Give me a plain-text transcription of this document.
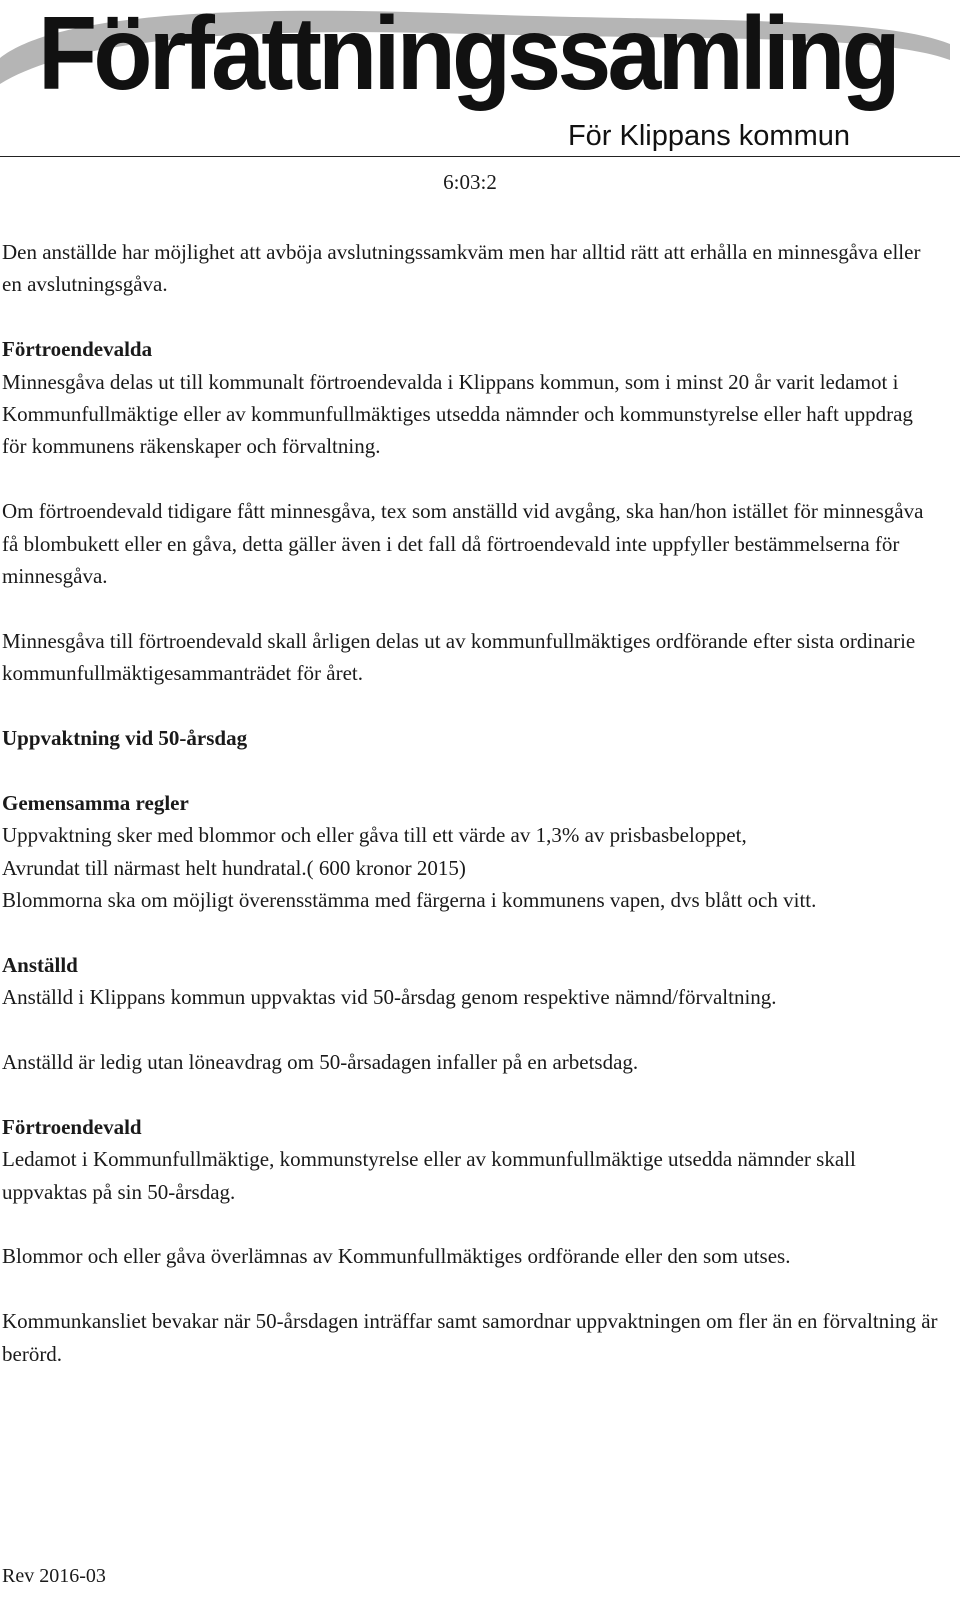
Författningssamling
För Klippans kommun
6:03:2

Den anställde har möjlighet att avböja avslutningssamkväm men har alltid rätt att erhålla en minnesgåva eller en avslutningsgåva.

Förtroendevalda

Minnesgåva delas ut till kommunalt förtroendevalda i Klippans kommun, som i minst 20 år varit ledamot i Kommunfullmäktige eller av kommunfullmäktiges utsedda nämnder och kommunstyrelse eller haft uppdrag för kommunens räkenskaper och förvaltning.

Om förtroendevald tidigare fått minnesgåva, tex som anställd vid avgång, ska han/hon istället för minnesgåva få blombukett eller en gåva, detta gäller även i det fall då förtroendevald inte uppfyller bestämmelserna för minnesgåva.

Minnesgåva till förtroendevald skall årligen delas ut av kommunfullmäktiges ordförande efter sista ordinarie kommunfullmäktigesammanträdet för året.

Uppvaktning vid 50-årsdag
Gemensamma regler

Uppvaktning sker med blommor och eller gåva till ett värde av 1,3% av prisbasbeloppet,

Avrundat till närmast helt hundratal.( 600 kronor 2015)

Blommorna ska om möjligt överensstämma med färgerna i kommunens vapen, dvs blått och vitt.

Anställd

Anställd i Klippans kommun uppvaktas vid 50-årsdag genom respektive nämnd/förvaltning.

Anställd är ledig utan löneavdrag om 50-årsadagen infaller på en arbetsdag.

Förtroendevald

Ledamot i Kommunfullmäktige, kommunstyrelse eller av kommunfullmäktige utsedda nämnder skall uppvaktas på sin 50-årsdag.

Blommor och eller gåva överlämnas av Kommunfullmäktiges ordförande eller den som utses.

Kommunkansliet bevakar när 50-årsdagen inträffar samt samordnar uppvaktningen om fler än en förvaltning är berörd.

Rev 2016-03
